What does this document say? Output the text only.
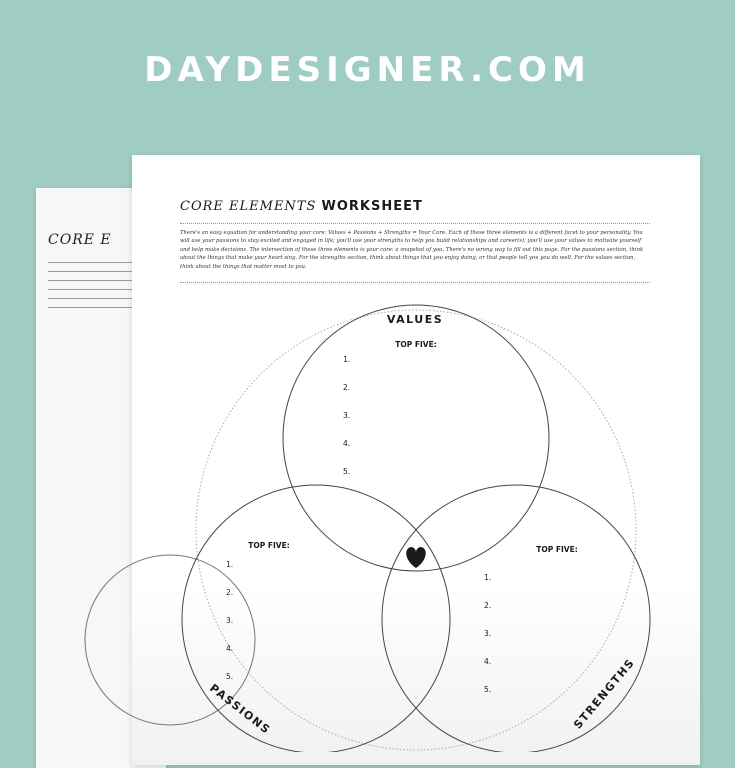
DAYDESIGNER.COM
CORE E
CORE ELEMENTS WORKSHEET
There's an easy equation for understanding your core: Values + Passions + Strengths = Your Core. Each of these three elements is a different facet to your personality. You will use your passions to stay excited and engaged in life; you'll use your strengths to help you build relationships and career(s); you'll use your values to motivate yourself and help make decisions. The intersection of these three elements is your core: a snapshot of you. There's no wrong way to fill out this page. For the passions section, think about the things that make your heart sing. For the strengths section, think about things that you enjoy doing, or that people tell you you do well. For the values section, think about the things that matter most to you.
VALUES
TOP FIVE:
1.
2.
3.
4.
5.
TOP FIVE:
1.
2.
3.
4.
5.
PASSIONS
TOP FIVE:
1.
2.
3.
4.
5.	STRENGTHS
